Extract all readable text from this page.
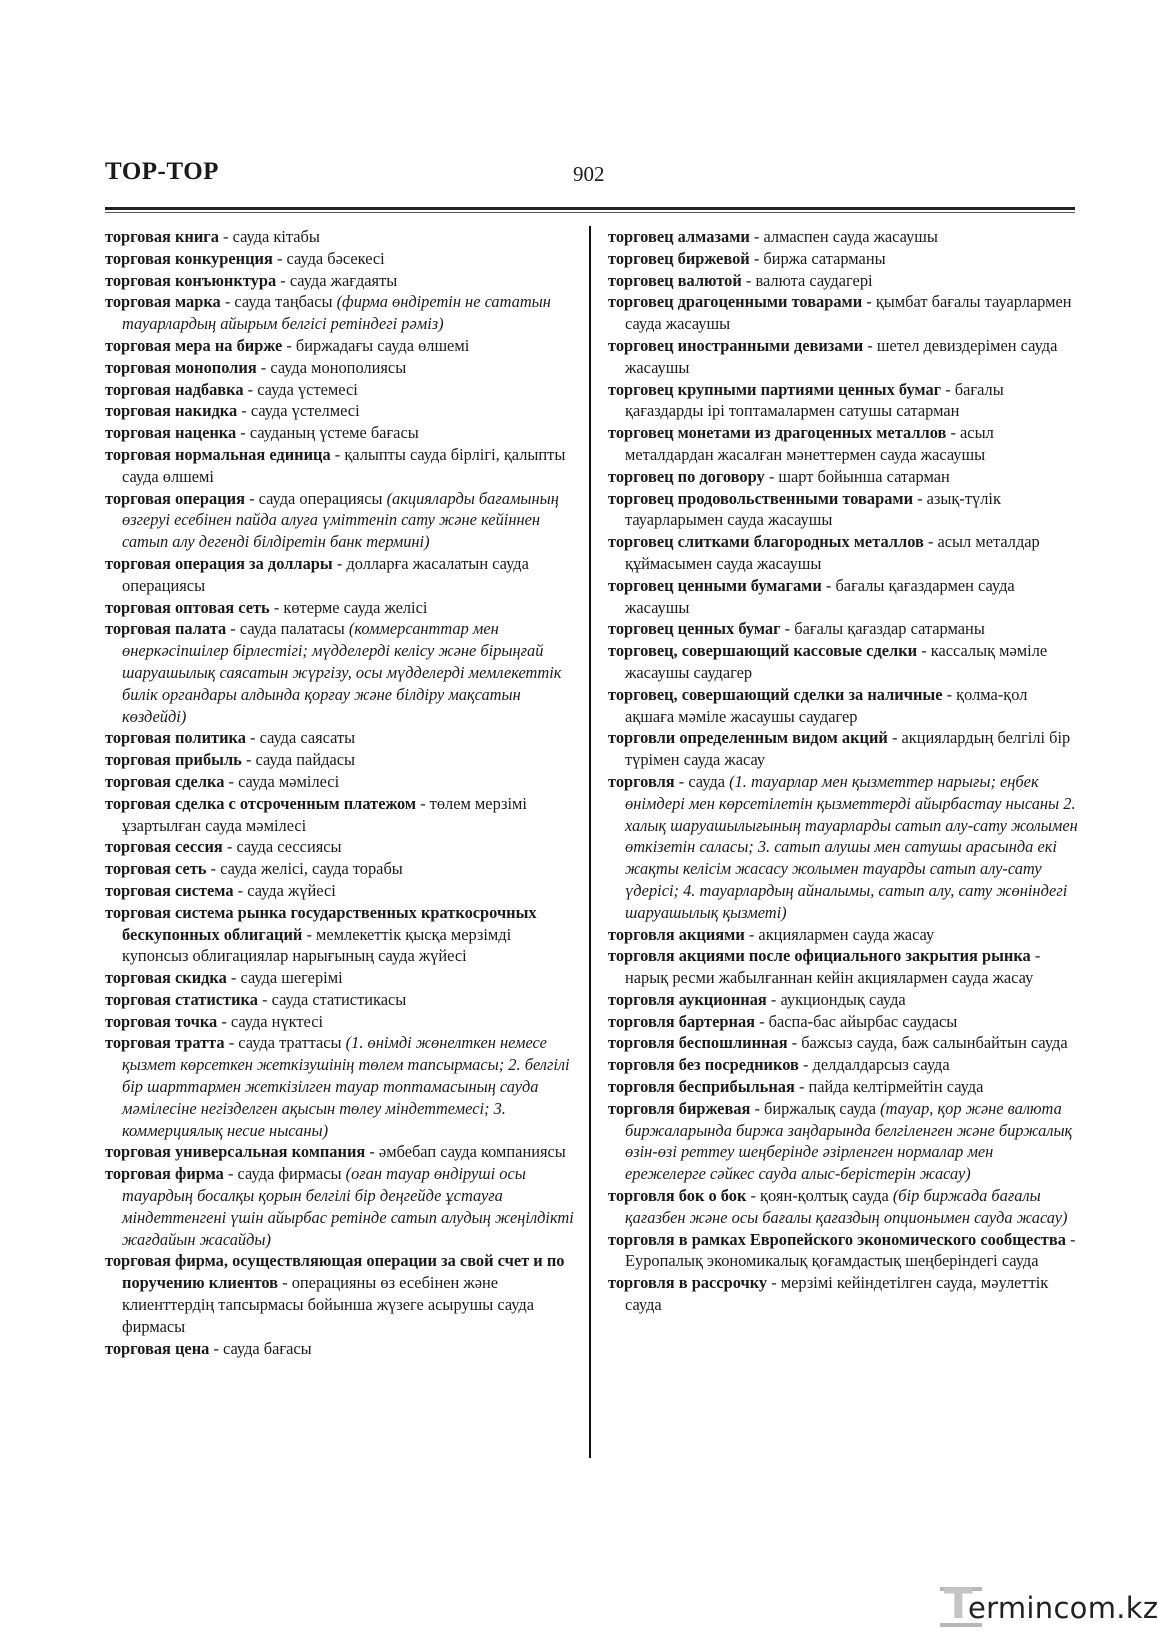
ТОР-ТОР	902
торговая книга - сауда кітабы
торговая конкуренция - сауда бәсекесі
торговая конъюнктура - сауда жағдаяты
торговая марка - сауда таңбасы (фирма өндіретін не сататын тауарлардың айырым белгісі ретіндегі рәміз)
торговая мера на бирже - биржадағы сауда өлшемі
торговая монополия - сауда монополиясы
торговая надбавка - сауда үстемесі
торговая накидка - сауда үстелмесі
торговая наценка - сауданың үстеме бағасы
торговая нормальная единица - қалыпты сауда бірлігі, қалыпты сауда өлшемі
торговая операция - сауда операциясы (акцияларды бағамының өзгеруі есебінен пайда алуға үміттеніп сату және кейіннен сатып алу дегенді білдіретін банк термині)
торговая операция за доллары - долларға жасалатын сауда операциясы
торговая оптовая сеть - көтерме сауда желісі
торговая палата - сауда палатасы (коммерсанттар мен өнеркәсіпшілер бірлестігі; мүдделерді келісу және бірыңғай шаруашылық саясатын жүргізу, осы мүдделерді мемлекеттік билік органдары алдында қорғау және білдіру мақсатын көздейді)
торговая политика - сауда саясаты
торговая прибыль - сауда пайдасы
торговая сделка - сауда мәмілесі
торговая сделка с отсроченным платежом - төлем мерзімі ұзартылған сауда мәмілесі
торговая сессия - сауда сессиясы
торговая сеть - сауда желісі, сауда торабы
торговая система - сауда жүйесі
торговая система рынка государственных краткосрочных бескупонных облигаций - мемлекеттік қысқа мерзімді купонсыз облигациялар нарығының сауда жүйесі
торговая скидка - сауда шегерімі
торговая статистика - сауда статистикасы
торговая точка - сауда нүктесі
торговая тратта - сауда траттасы (1. өнімді жөнелткен немесе қызмет көрсеткен жеткізушінің төлем тапсырмасы; 2. белгілі бір шарттармен жеткізілген тауар топтамасының сауда мәмілесіне негізделген ақысын төлеу міндеттемесі; 3. коммерциялық несие нысаны)
торговая универсальная компания - әмбебап сауда компаниясы
торговая фирма - сауда фирмасы (оған тауар өндіруші осы тауардың босалқы қорын белгілі бір деңгейде ұстауға міндеттенгені үшін айырбас ретінде сатып алудың жеңілдікті жағдайын жасайды)
торговая фирма, осуществляющая операции за свой счет и по поручению клиентов - операцияны өз есебінен және клиенттердің тапсырмасы бойынша жүзеге асырушы сауда фирмасы
торговая цена - сауда бағасы
торговец алмазами - алмаспен сауда жасаушы
торговец биржевой - биржа сатарманы
торговец валютой - валюта саудагері
торговец драгоценными товарами - қымбат бағалы тауарлармен сауда жасаушы
торговец иностранными девизами - шетел девиздерімен сауда жасаушы
торговец крупными партиями ценных бумаг - бағалы қағаздарды ірі топтамалармен сатушы сатарман
торговец монетами из драгоценных металлов - асыл металдардан жасалған мәнеттермен сауда жасаушы
торговец по договору - шарт бойынша сатарман
торговец продовольственными товарами - азық-түлік тауарларымен сауда жасаушы
торговец слитками благородных металлов - асыл металдар құймасымен сауда жасаушы
торговец ценными бумагами - бағалы қағаздармен сауда жасаушы
торговец ценных бумаг - бағалы қағаздар сатарманы
торговец, совершающий кассовые сделки - кассалық мәміле жасаушы саудагер
торговец, совершающий сделки за наличные - қолма-қол ақшаға мәміле жасаушы саудагер
торговли определенным видом акций - акциялардың белгілі бір түрімен сауда жасау
торговля - сауда (1. тауарлар мен қызметтер нарығы; еңбек өнімдері мен көрсетілетін қызметтерді айырбастау нысаны 2. халық шаруашылығының тауарларды сатып алу-сату жолымен өткізетін саласы; 3. сатып алушы мен сатушы арасында екі жақты келісім жасасу жолымен тауарды сатып алу-сату үдерісі; 4. тауарлардың айналымы, сатып алу, сату жөніндегі шаруашылық қызметі)
торговля акциями - акциялармен сауда жасау
торговля акциями после официального закрытия рынка - нарық ресми жабылғаннан кейін акциялармен сауда жасау
торговля аукционная - аукциондық сауда
торговля бартерная - баспа-бас айырбас саудасы
торговля беспошлинная - бажсыз сауда, баж салынбайтын сауда
торговля без посредников - делдалдарсыз сауда
торговля бесприбыльная - пайда келтірмейтін сауда
торговля биржевая - биржалық сауда (тауар, қор және валюта биржаларында биржа заңдарында белгіленген және биржалық өзін-өзі реттеу шеңберінде әзірленген нормалар мен ережелерге сәйкес сауда алыс-берістерін жасау)
торговля бок о бок - қоян-қолтық сауда (бір биржада бағалы қағазбен және осы бағалы қағаздың опционымен сауда жасау)
торговля в рамках Европейского экономического сообщества - Еуропалық экономикалық қоғамдастық шеңберіндегі сауда
торговля в рассрочку - мерзімі кейіндетілген сауда, мәулеттік сауда
T
ermincom.kz
